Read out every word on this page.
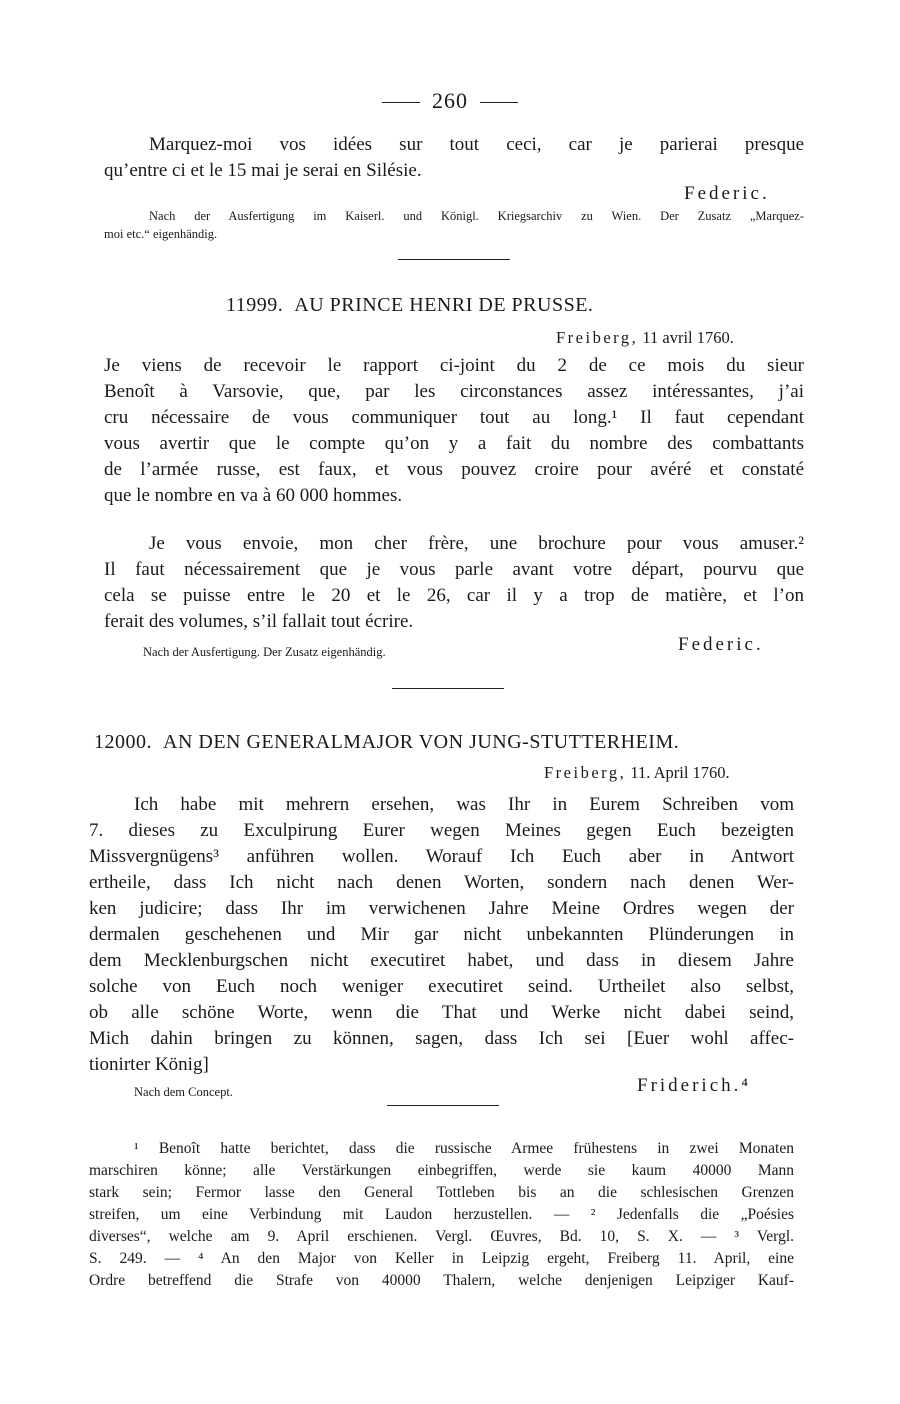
260
Marquez-moi vos idées sur tout ceci, car je parierai presque
qu’entre ci et le 15 mai je serai en Silésie.
Federic.
Nach der Ausfertigung im Kaiserl. und Königl. Kriegsarchiv zu Wien. Der Zusatz „Marquez-
moi etc.“ eigenhändig.
11999. AU PRINCE HENRI DE PRUSSE.
Freiberg, 11 avril 1760.
Je viens de recevoir le rapport ci-joint du 2 de ce mois du sieur
Benoît à Varsovie, que, par les circonstances assez intéressantes, j’ai
cru nécessaire de vous communiquer tout au long.¹ Il faut cependant
vous avertir que le compte qu’on y a fait du nombre des combattants
de l’armée russe, est faux, et vous pouvez croire pour avéré et constaté
que le nombre en va à 60 000 hommes.
Je vous envoie, mon cher frère, une brochure pour vous amuser.²
Il faut nécessairement que je vous parle avant votre départ, pourvu que
cela se puisse entre le 20 et le 26, car il y a trop de matière, et l’on
ferait des volumes, s’il fallait tout écrire.
Nach der Ausfertigung. Der Zusatz eigenhändig.	Federic.
12000. AN DEN GENERALMAJOR VON JUNG-STUTTERHEIM.
Freiberg, 11. April 1760.
Ich habe mit mehrern ersehen, was Ihr in Eurem Schreiben vom
7. dieses zu Exculpirung Eurer wegen Meines gegen Euch bezeigten
Missvergnügens³ anführen wollen. Worauf Ich Euch aber in Antwort
ertheile, dass Ich nicht nach denen Worten, sondern nach denen Wer-
ken judicire; dass Ihr im verwichenen Jahre Meine Ordres wegen der
dermalen geschehenen und Mir gar nicht unbekannten Plünderungen in
dem Mecklenburgschen nicht executiret habet, und dass in diesem Jahre
solche von Euch noch weniger executiret seind. Urtheilet also selbst,
ob alle schöne Worte, wenn die That und Werke nicht dabei seind,
Mich dahin bringen zu können, sagen, dass Ich sei [Euer wohl affec-
tionirter König]
Nach dem Concept.	Friderich.⁴
¹ Benoît hatte berichtet, dass die russische Armee frühestens in zwei Monaten
marschiren könne; alle Verstärkungen einbegriffen, werde sie kaum 40000 Mann
stark sein; Fermor lasse den General Tottleben bis an die schlesischen Grenzen
streifen, um eine Verbindung mit Laudon herzustellen. — ² Jedenfalls die „Poésies
diverses“, welche am 9. April erschienen. Vergl. Œuvres, Bd. 10, S. X. — ³ Vergl.
S. 249. — ⁴ An den Major von Keller in Leipzig ergeht, Freiberg 11. April, eine
Ordre betreffend die Strafe von 40000 Thalern, welche denjenigen Leipziger Kauf-
